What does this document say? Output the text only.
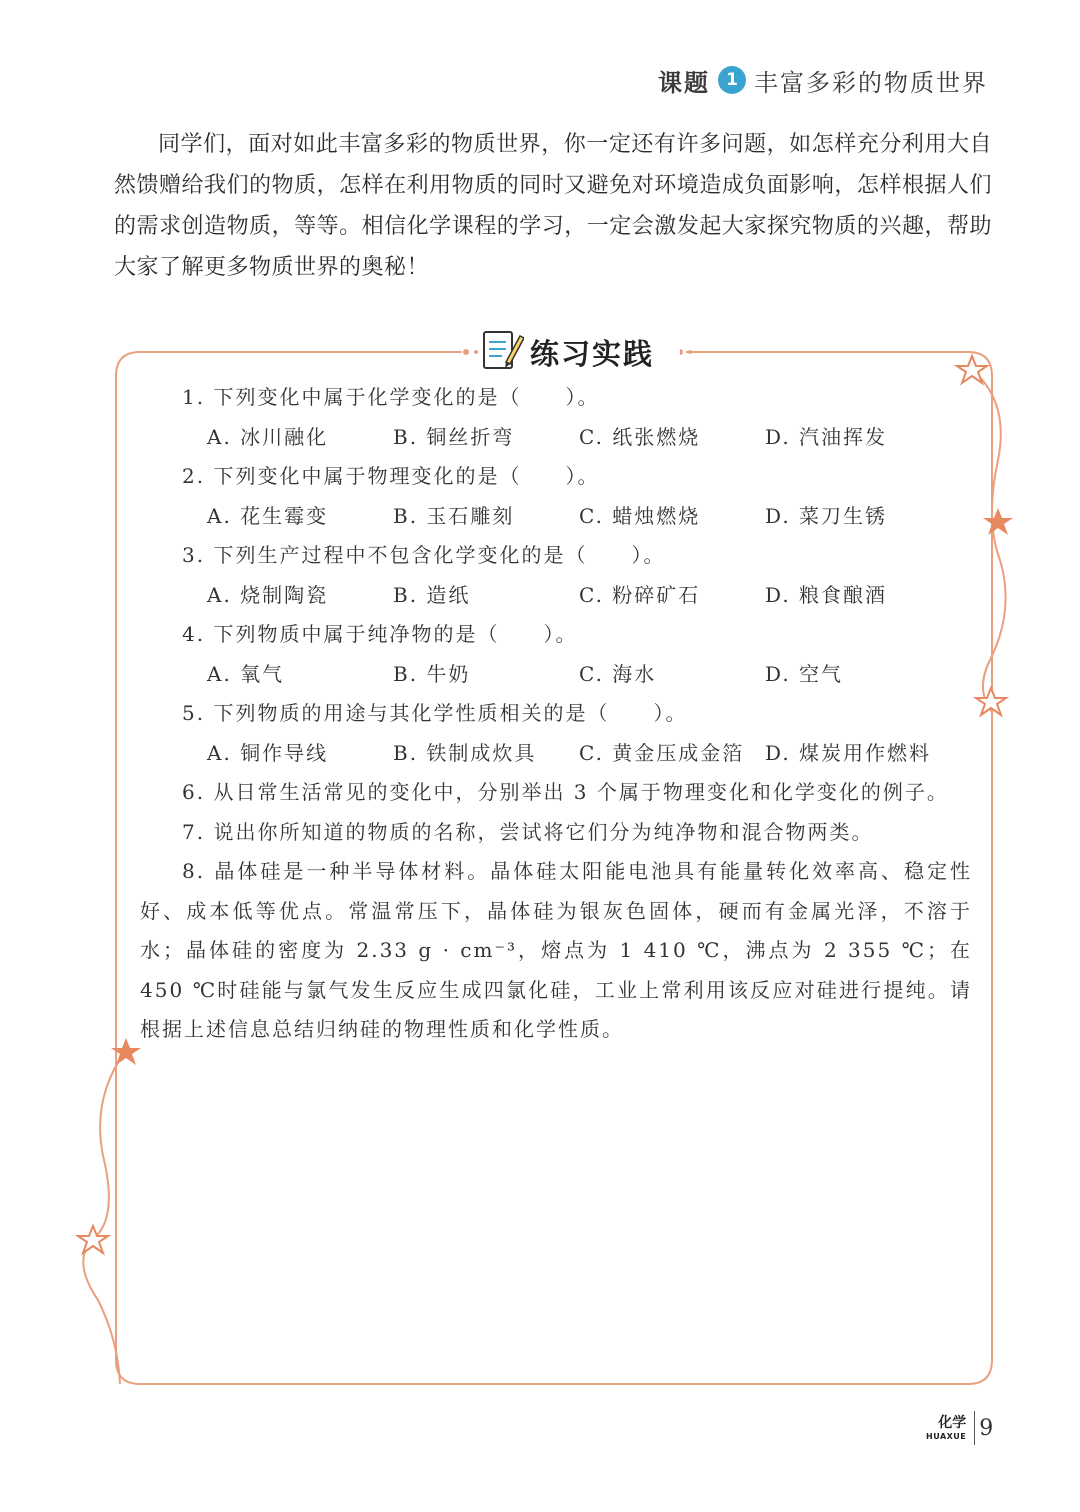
课题 1 丰富多彩的物质世界

同学们，面对如此丰富多彩的物质世界，你一定还有许多问题，如怎样充分利用大自然馈赠给我们的物质，怎样在利用物质的同时又避免对环境造成负面影响，怎样根据人们的需求创造物质，等等。相信化学课程的学习，一定会激发起大家探究物质的兴趣，帮助大家了解更多物质世界的奥秘！

练习实践
1. 下列变化中属于化学变化的是（　　）。
A. 冰川融化	B. 铜丝折弯	C. 纸张燃烧	D. 汽油挥发
2. 下列变化中属于物理变化的是（　　）。
A. 花生霉变	B. 玉石雕刻	C. 蜡烛燃烧	D. 菜刀生锈
3. 下列生产过程中不包含化学变化的是（　　）。
A. 烧制陶瓷	B. 造纸	C. 粉碎矿石	D. 粮食酿酒
4. 下列物质中属于纯净物的是（　　）。
A. 氧气	B. 牛奶	C. 海水	D. 空气
5. 下列物质的用途与其化学性质相关的是（　　）。
A. 铜作导线	B. 铁制成炊具	C. 黄金压成金箔	D. 煤炭用作燃料
6. 从日常生活常见的变化中，分别举出 3 个属于物理变化和化学变化的例子。
7. 说出你所知道的物质的名称，尝试将它们分为纯净物和混合物两类。

8. 晶体硅是一种半导体材料。晶体硅太阳能电池具有能量转化效率高、稳定性好、成本低等优点。常温常压下，晶体硅为银灰色固体，硬而有金属光泽，不溶于水；晶体硅的密度为 2.33 g · cm⁻³，熔点为 1 410 ℃，沸点为 2 355 ℃；在 450 ℃时硅能与氯气发生反应生成四氯化硅，工业上常利用该反应对硅进行提纯。请根据上述信息总结归纳硅的物理性质和化学性质。

化学
HUAXUE 9
